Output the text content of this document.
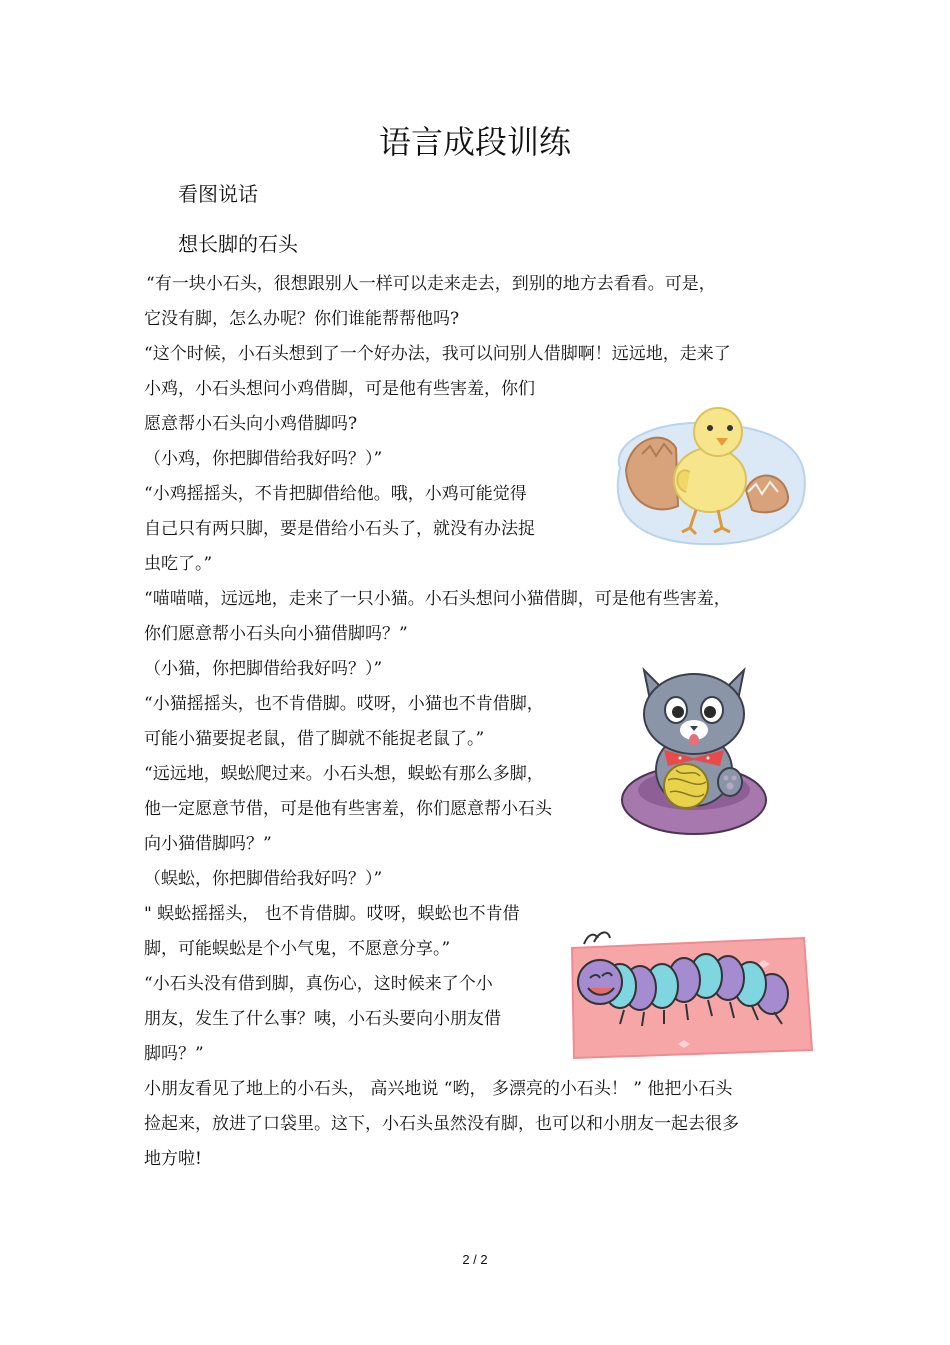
语言成段训练
看图说话
想长脚的石头
“有一块小石头，很想跟别人一样可以走来走去，到别的地方去看看。可是，
它没有脚，怎么办呢？你们谁能帮帮他吗?
“这个时候，小石头想到了一个好办法，我可以问别人借脚啊！远远地，走来了
小鸡，小石头想问小鸡借脚，可是他有些害羞，你们
愿意帮小石头向小鸡借脚吗?
（小鸡，你把脚借给我好吗？）”
“小鸡摇摇头，不肯把脚借给他。哦，小鸡可能觉得
自己只有两只脚，要是借给小石头了，就没有办法捉
虫吃了。”
“喵喵喵，远远地，走来了一只小猫。小石头想问小猫借脚，可是他有些害羞，
你们愿意帮小石头向小猫借脚吗？”
（小猫，你把脚借给我好吗？）”
“小猫摇摇头，也不肯借脚。哎呀，小猫也不肯借脚，
可能小猫要捉老鼠，借了脚就不能捉老鼠了。”
“远远地，蜈蚣爬过来。小石头想，蜈蚣有那么多脚，
他一定愿意节借，可是他有些害羞，你们愿意帮小石头
向小猫借脚吗？”
（蜈蚣，你把脚借给我好吗？）”
" 蜈蚣摇摇头， 也不肯借脚。哎呀，蜈蚣也不肯借
脚，可能蜈蚣是个小气鬼，不愿意分享。”
“小石头没有借到脚，真伤心，这时候来了个小
朋友，发生了什么事？咦，小石头要向小朋友借
脚吗？”
小朋友看见了地上的小石头， 高兴地说 “哟， 多漂亮的小石头！ ” 他把小石头
捡起来，放进了口袋里。这下，小石头虽然没有脚，也可以和小朋友一起去很多
地方啦!
2 / 2
